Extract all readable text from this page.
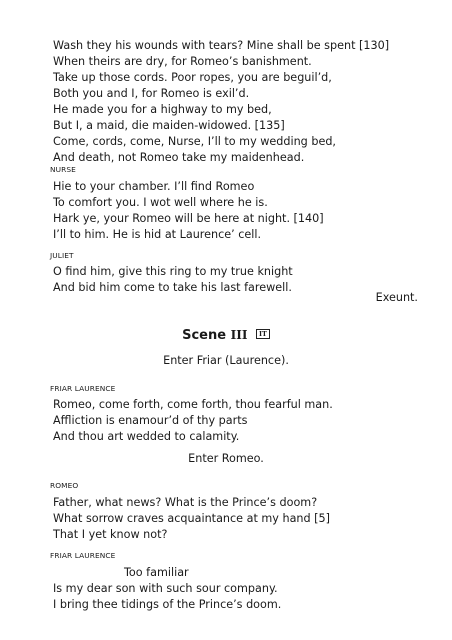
Wash they his wounds with tears? Mine shall be spent [130]
When theirs are dry, for Romeo’s banishment.
Take up those cords. Poor ropes, you are beguil’d,
Both you and I, for Romeo is exil’d.
He made you for a highway to my bed,
But I, a maid, die maiden-widowed. [135]
Come, cords, come, Nurse, I’ll to my wedding bed,
And death, not Romeo take my maidenhead.
NURSE
Hie to your chamber. I’ll find Romeo
To comfort you. I wot well where he is.
Hark ye, your Romeo will be here at night. [140]
I’ll to him. He is hid at Laurence’ cell.
JULIET
O find him, give this ring to my true knight
And bid him come to take his last farewell.
Exeunt.
Scene III IT
Enter Friar (Laurence).
FRIAR LAURENCE
Romeo, come forth, come forth, thou fearful man.
Affliction is enamour’d of thy parts
And thou art wedded to calamity.
Enter Romeo.
ROMEO
Father, what news? What is the Prince’s doom?
What sorrow craves acquaintance at my hand [5]
That I yet know not?
FRIAR LAURENCE
Too familiar
Is my dear son with such sour company.
I bring thee tidings of the Prince’s doom.
